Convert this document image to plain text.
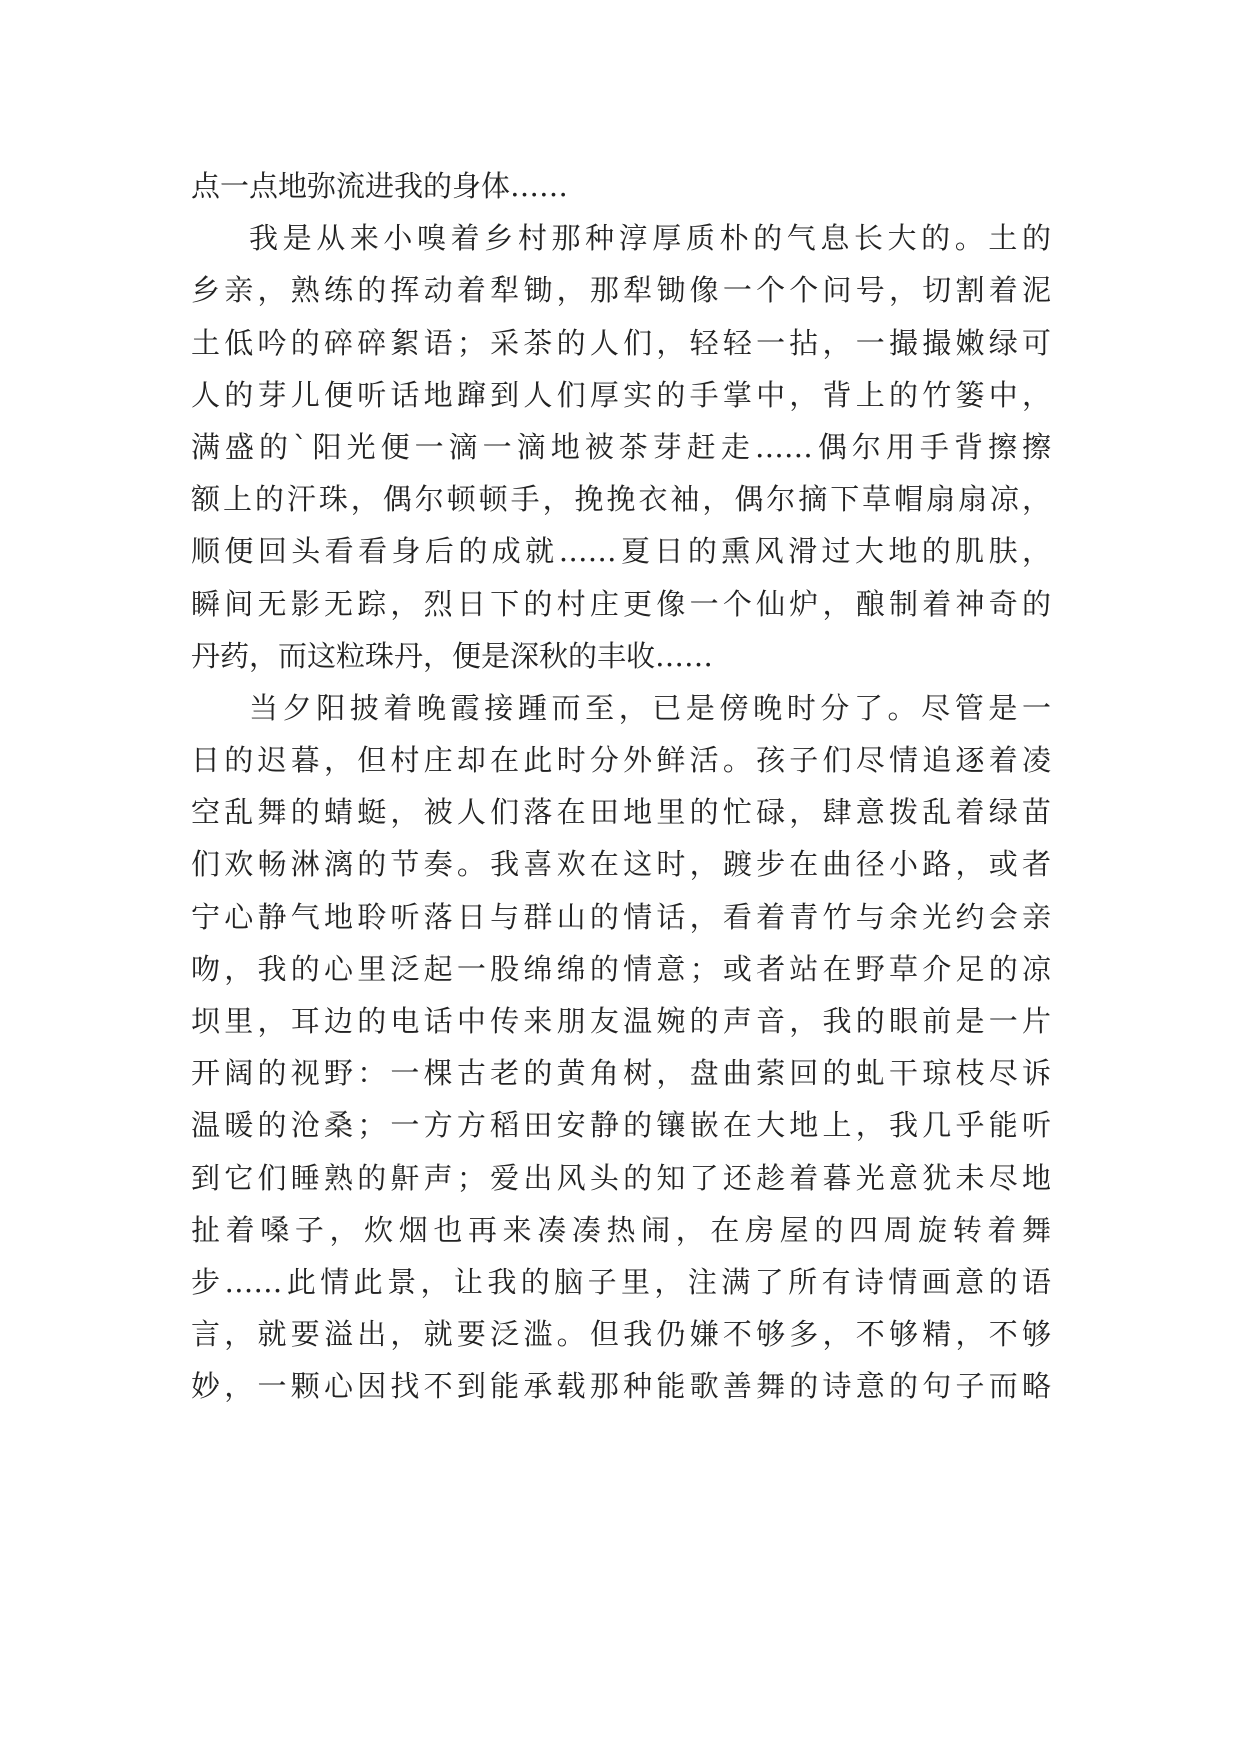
点一点地弥流进我的身体……
我是从来小嗅着乡村那种淳厚质朴的气息长大的。土的
乡亲，熟练的挥动着犁锄，那犁锄像一个个问号，切割着泥
土低吟的碎碎絮语；采茶的人们，轻轻一拈，一撮撮嫩绿可
人的芽儿便听话地蹿到人们厚实的手掌中，背上的竹篓中，
满盛的`阳光便一滴一滴地被茶芽赶走……偶尔用手背擦擦
额上的汗珠，偶尔顿顿手，挽挽衣袖，偶尔摘下草帽扇扇凉，
顺便回头看看身后的成就……夏日的熏风滑过大地的肌肤，
瞬间无影无踪，烈日下的村庄更像一个仙炉，酿制着神奇的
丹药，而这粒珠丹，便是深秋的丰收……
当夕阳披着晚霞接踵而至，已是傍晚时分了。尽管是一
日的迟暮，但村庄却在此时分外鲜活。孩子们尽情追逐着凌
空乱舞的蜻蜓，被人们落在田地里的忙碌，肆意拨乱着绿苗
们欢畅淋漓的节奏。我喜欢在这时，踱步在曲径小路，或者
宁心静气地聆听落日与群山的情话，看着青竹与余光约会亲
吻，我的心里泛起一股绵绵的情意；或者站在野草介足的凉
坝里，耳边的电话中传来朋友温婉的声音，我的眼前是一片
开阔的视野：一棵古老的黄角树，盘曲萦回的虬干琼枝尽诉
温暖的沧桑；一方方稻田安静的镶嵌在大地上，我几乎能听
到它们睡熟的鼾声；爱出风头的知了还趁着暮光意犹未尽地
扯着嗓子，炊烟也再来凑凑热闹，在房屋的四周旋转着舞
步……此情此景，让我的脑子里，注满了所有诗情画意的语
言，就要溢出，就要泛滥。但我仍嫌不够多，不够精，不够
妙，一颗心因找不到能承载那种能歌善舞的诗意的句子而略
